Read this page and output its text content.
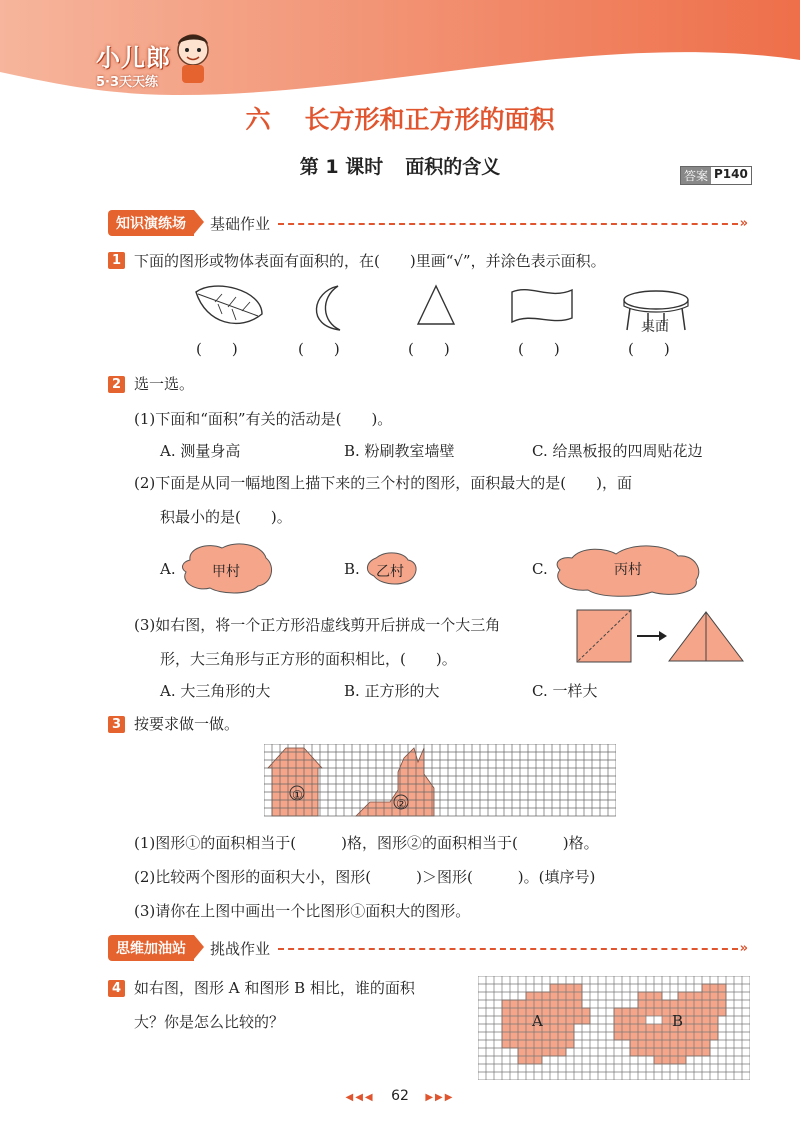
小儿郎
5·3天天练
六 长方形和正方形的面积
第 1 课时 面积的含义	答案 P140
知识演练场	基础作业	»
1 下面的图形或物体表面有面积的，在(　　)里画“√”，并涂色表示面积。
桌面
(　　)	(　　)	(　　)	(　　)	(　　)
2 选一选。
(1)下面和“面积”有关的活动是(　　)。
A. 测量身高	B. 粉刷教室墙壁	C. 给黑板报的四周贴花边
(2)下面是从同一幅地图上描下来的三个村的图形，面积最大的是(　　)，面
积最小的是(　　)。
A.	B.	C.
甲村	乙村	丙村
(3)如右图，将一个正方形沿虚线剪开后拼成一个大三角
形，大三角形与正方形的面积相比，(　　)。
A. 大三角形的大	B. 正方形的大	C. 一样大
3 按要求做一做。
①
②
(1)图形①的面积相当于(　　　)格，图形②的面积相当于(　　　)格。
(2)比较两个图形的面积大小，图形(　　　)＞图形(　　　)。(填序号)
(3)请你在上图中画出一个比图形①面积大的图形。
思维加油站	挑战作业	»
4 如右图，图形 A 和图形 B 相比，谁的面积
大？你是怎么比较的？	A	B
◀◀◀ 62 ▶▶▶
